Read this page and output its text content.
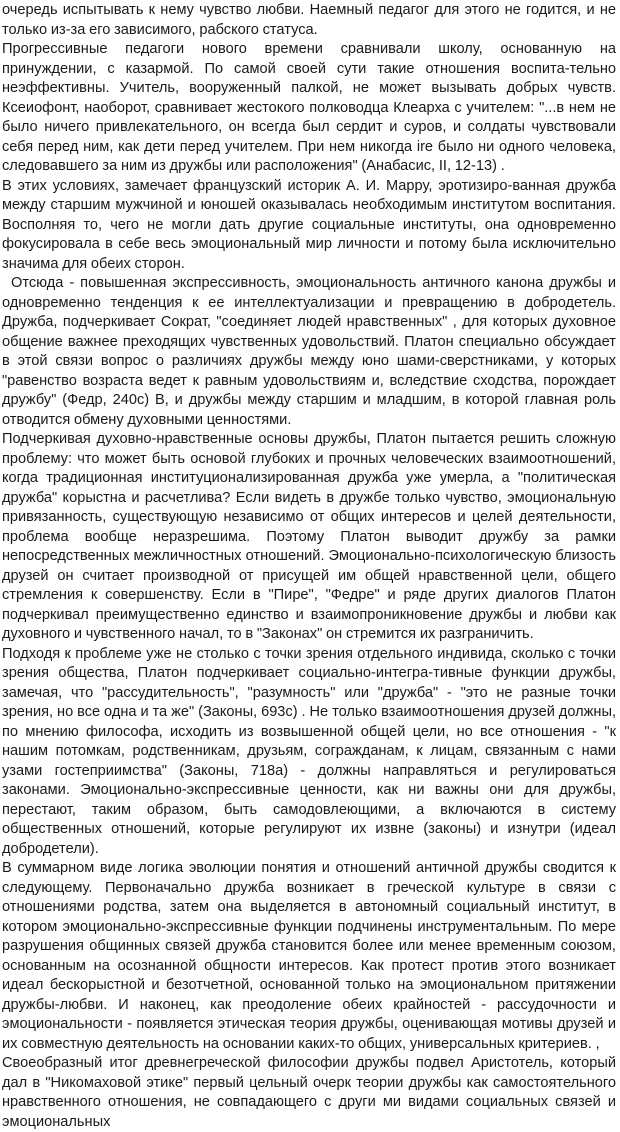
очередь испытывать к нему чувство любви. Наемный педагог для этого не годится, и не только из-за его зависимого, рабского статуса.

Прогрессивные педагоги нового времени сравнивали школу, основанную на принуждении, с казармой. По самой своей сути такие отношения воспита-тельно неэффективны. Учитель, вооруженный палкой, не может вызывать добрых чувств. Ксеиофонт, наоборот, сравнивает жестокого полководца Клеарха с учителем: "...в нем не было ничего привлекательного, он всегда был сердит и суров, и солдаты чувствовали себя перед ним, как дети перед учителем. При нем никогда ire было ни одного человека, следовавшего за ним из дружбы или расположения" (Анабасис, II, 12-13) .

В этих условиях, замечает французский историк А. И. Марру, эротизиро-ванная дружба между старшим мужчиной и юношей оказывалась необходимым институтом воспитания. Восполняя то, чего не могли дать другие социальные институты, она одновременно фокусировала в себе весь эмоциональный мир личности и потому была исключительно значима для обеих сторон.

Отсюда - повышенная экспрессивность, эмоциональность античного канона дружбы и одновременно тенденция к ее интеллектуализации и превращению в добродетель. Дружба, подчеркивает Сократ, "соединяет людей нравственных" , для которых духовное общение важнее преходящих чувственных удовольствий. Платон специально обсуждает в этой связи вопрос о различиях дружбы между юно шами-сверстниками, у которых "равенство возраста ведет к равным удовольствиям и, вследствие сходства, порождает дружбу" (Федр, 240с) В, и дружбы между старшим и младшим, в которой главная роль отводится обмену духовными ценностями.

Подчеркивая духовно-нравственные основы дружбы, Платон пытается решить сложную проблему: что может быть основой глубоких и прочных человеческих взаимоотношений, когда традиционная институционализированная дружба уже умерла, а "политическая дружба" корыстна и расчетлива? Если видеть в дружбе только чувство, эмоциональную привязанность, существующую независимо от общих интересов и целей деятельности, проблема вообще неразрешима. Поэтому Платон выводит дружбу за рамки непосредственных межличностных отношений. Эмоционально-психологическую близость друзей он считает производной от присущей им общей нравственной цели, общего стремления к совершенству. Если в "Пире", "Федре" и ряде других диалогов Платон подчеркивал преимущественно единство и взаимопроникновение дружбы и любви как духовного и чувственного начал, то в "Законах" он стремится их разграничить.

Подходя к проблеме уже не столько с точки зрения отдельного индивида, сколько с точки зрения общества, Платон подчеркивает социально-интегра-тивные функции дружбы, замечая, что "рассудительность", "разумность" или "дружба" - "это не разные точки зрения, но все одна и та же" (Законы, 693с) . Не только взаимоотношения друзей должны, по мнению философа, исходить из возвышенной общей цели, но все отношения - "к нашим потомкам, родственникам, друзьям, согражданам, к лицам, связанным с нами узами гостеприимства" (Законы, 718а) - должны направляться и регулироваться законами. Эмоционально-экспрессивные ценности, как ни важны они для дружбы, перестают, таким образом, быть самодовлеющими, а включаются в систему общественных отношений, которые регулируют их извне (законы) и изнутри (идеал добродетели).

В суммарном виде логика эволюции понятия и отношений античной дружбы сводится к следующему. Первоначально дружба возникает в греческой культуре в связи с отношениями родства, затем она выделяется в автономный социальный институт, в котором эмоционально-экспрессивные функции подчинены инструментальным. По мере разрушения общинных связей дружба становится более или менее временным союзом, основанным на осознанной общности интересов. Как протест против этого возникает идеал бескорыстной и безотчетной, основанной только на эмоциональном притяжении дружбы-любви. И наконец, как преодоление обеих крайностей - рассудочности и эмоциональности - появляется этическая теория дружбы, оценивающая мотивы друзей и их совместную деятельность на основании каких-то общих, универсальных критериев. ,

Своеобразный итог древнегреческой философии дружбы подвел Аристотель, который дал в "Никомаховой этике" первый цельный очерк теории дружбы как самостоятельного нравственного отношения, не совпадающего с други ми видами социальных связей и эмоциональных
